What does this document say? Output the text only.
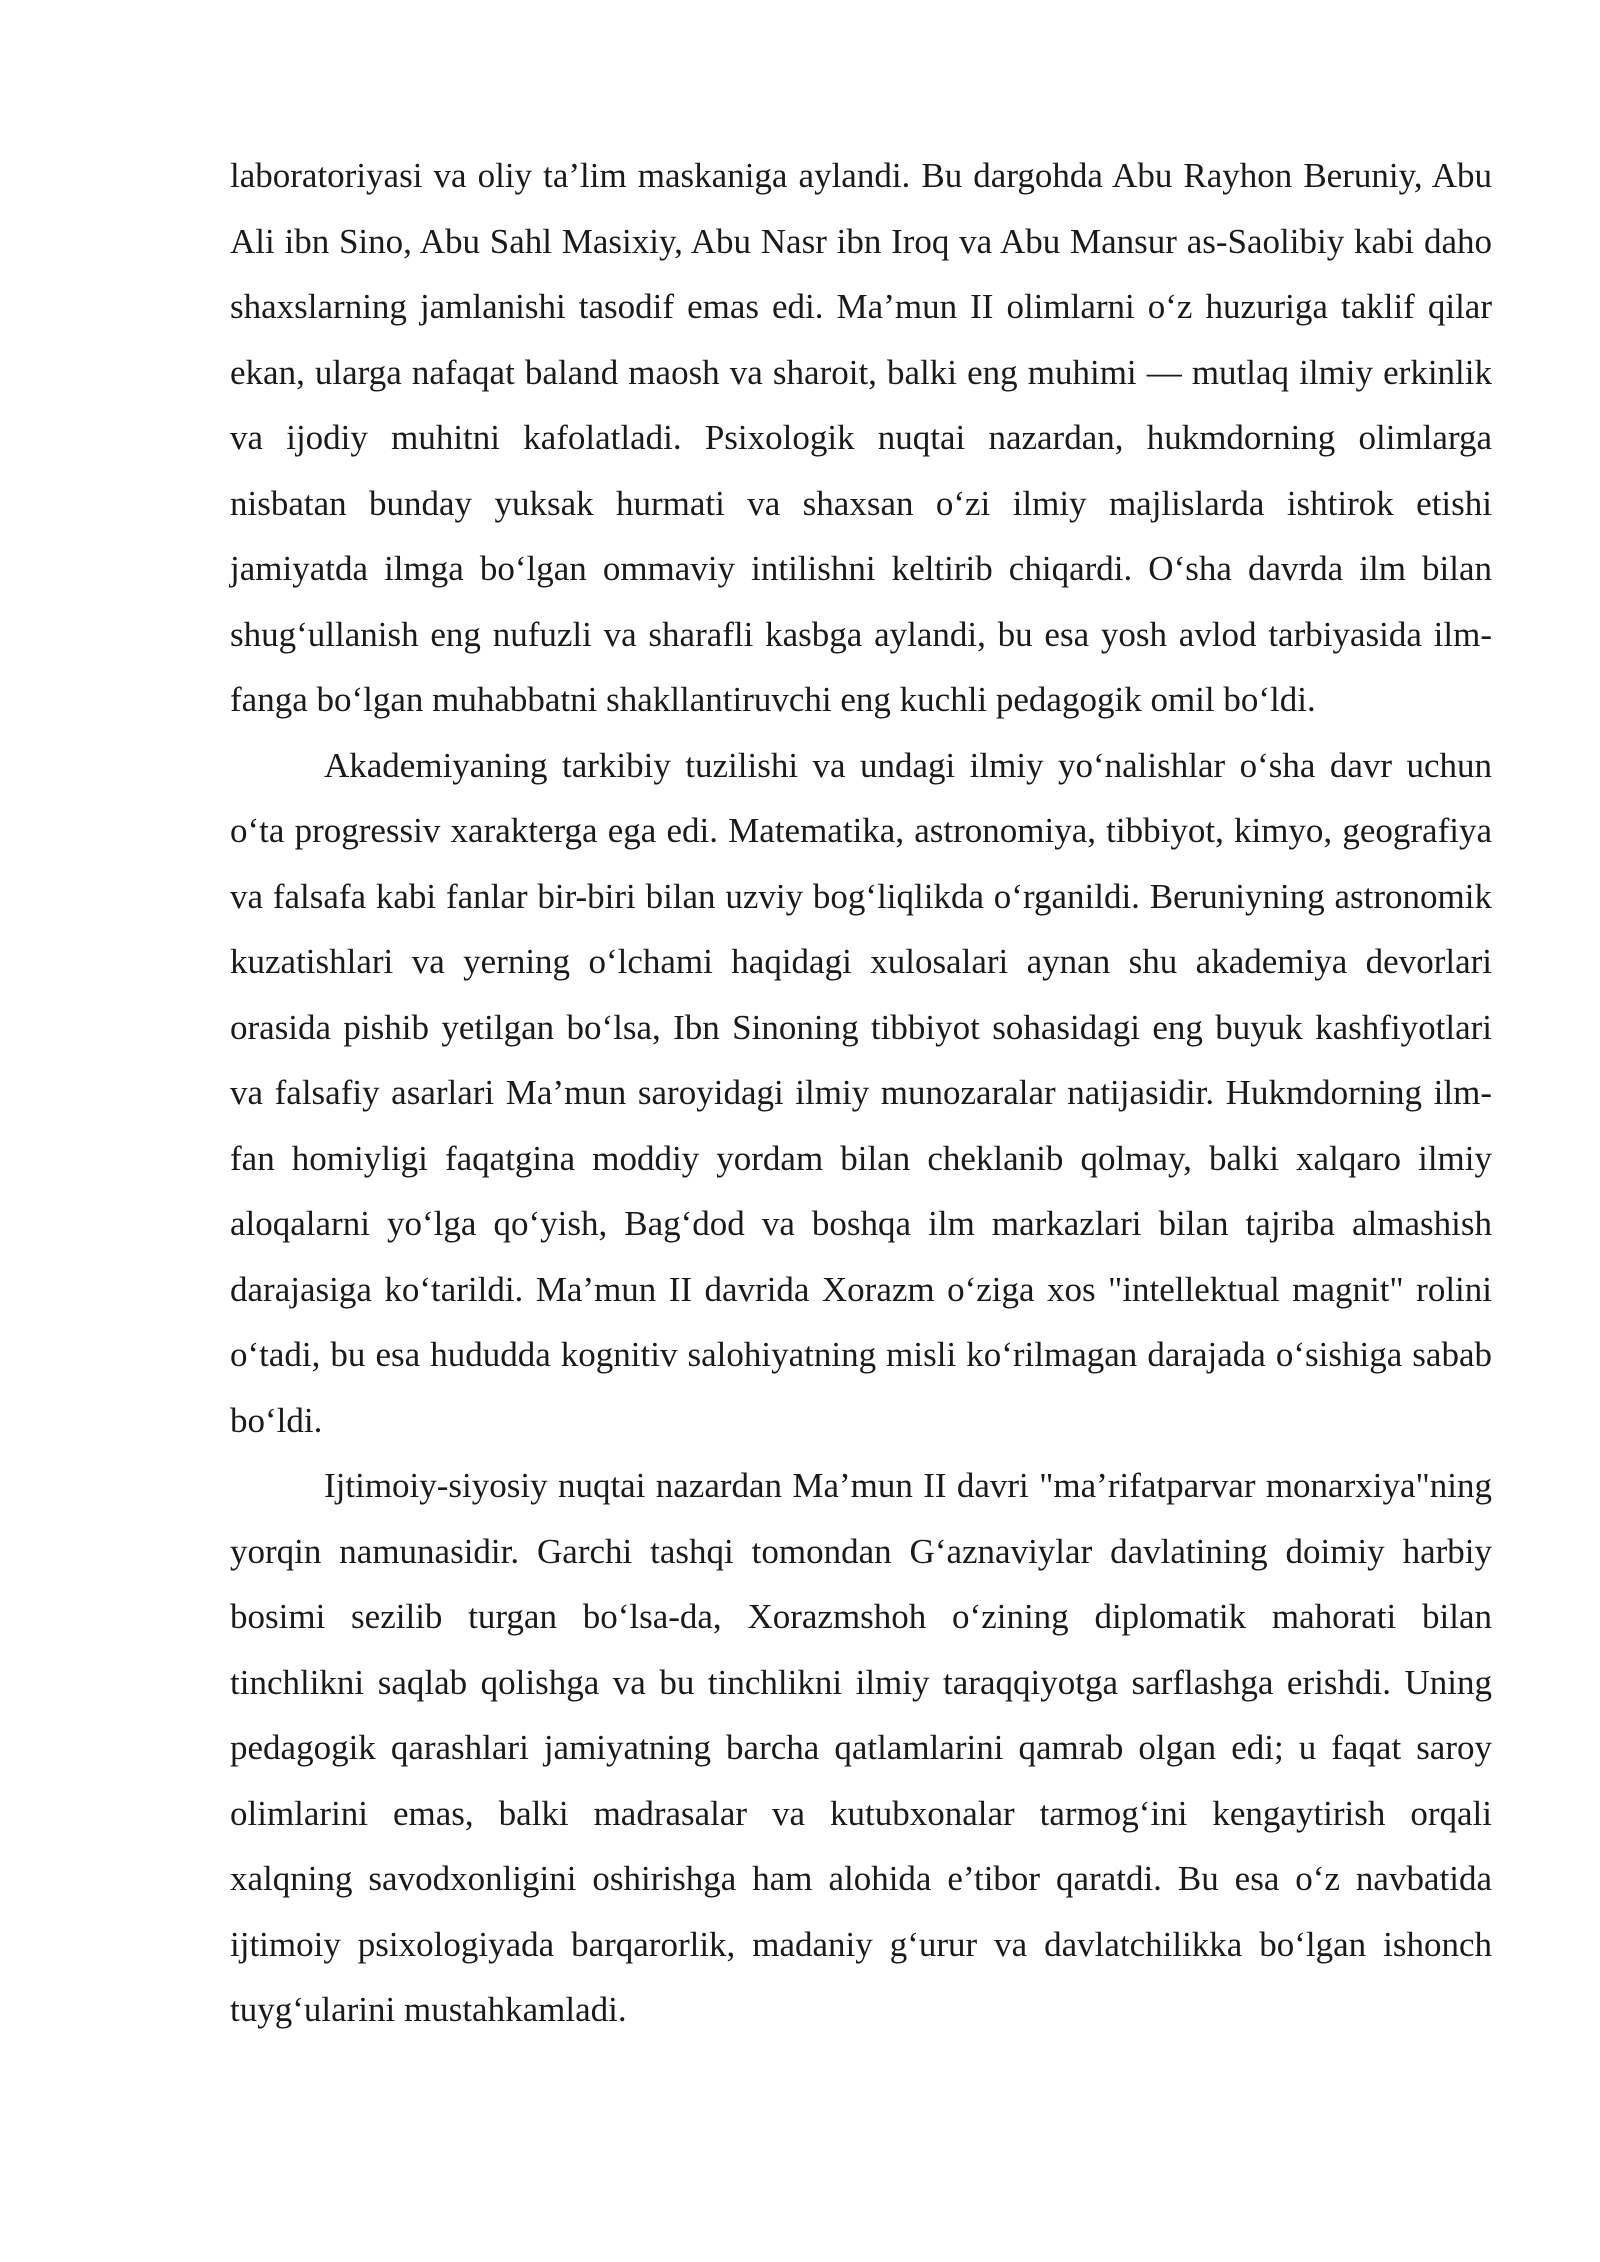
laboratoriyasi va oliy ta’lim maskaniga aylandi. Bu dargohda Abu Rayhon Beruniy, Abu Ali ibn Sino, Abu Sahl Masixiy, Abu Nasr ibn Iroq va Abu Mansur as-Saolibiy kabi daho shaxslarning jamlanishi tasodif emas edi. Ma’mun II olimlarni o‘z huzuriga taklif qilar ekan, ularga nafaqat baland maosh va sharoit, balki eng muhimi — mutlaq ilmiy erkinlik va ijodiy muhitni kafolatladi. Psixologik nuqtai nazardan, hukmdorning olimlarga nisbatan bunday yuksak hurmati va shaxsan o‘zi ilmiy majlislarda ishtirok etishi jamiyatda ilmga bo‘lgan ommaviy intilishni keltirib chiqardi. O‘sha davrda ilm bilan shug‘ullanish eng nufuzli va sharafli kasbga aylandi, bu esa yosh avlod tarbiyasida ilm-fanga bo‘lgan muhabbatni shakllantiruvchi eng kuchli pedagogik omil bo‘ldi.

Akademiyaning tarkibiy tuzilishi va undagi ilmiy yo‘nalishlar o‘sha davr uchun o‘ta progressiv xarakterga ega edi. Matematika, astronomiya, tibbiyot, kimyo, geografiya va falsafa kabi fanlar bir-biri bilan uzviy bog‘liqlikda o‘rganildi. Beruniyning astronomik kuzatishlari va yerning o‘lchami haqidagi xulosalari aynan shu akademiya devorlari orasida pishib yetilgan bo‘lsa, Ibn Sinoning tibbiyot sohasidagi eng buyuk kashfiyotlari va falsafiy asarlari Ma’mun saroyidagi ilmiy munozaralar natijasidir. Hukmdorning ilm-fan homiyligi faqatgina moddiy yordam bilan cheklanib qolmay, balki xalqaro ilmiy aloqalarni yo‘lga qo‘yish, Bag‘dod va boshqa ilm markazlari bilan tajriba almashish darajasiga ko‘tarildi. Ma’mun II davrida Xorazm o‘ziga xos "intellektual magnit" rolini o‘tadi, bu esa hududda kognitiv salohiyatning misli ko‘rilmagan darajada o‘sishiga sabab bo‘ldi.

Ijtimoiy-siyosiy nuqtai nazardan Ma’mun II davri "ma’rifatparvar monarxiya"ning yorqin namunasidir. Garchi tashqi tomondan G‘aznaviylar davlatining doimiy harbiy bosimi sezilib turgan bo‘lsa-da, Xorazmshoh o‘zining diplomatik mahorati bilan tinchlikni saqlab qolishga va bu tinchlikni ilmiy taraqqiyotga sarflashga erishdi. Uning pedagogik qarashlari jamiyatning barcha qatlamlarini qamrab olgan edi; u faqat saroy olimlarini emas, balki madrasalar va kutubxonalar tarmog‘ini kengaytirish orqali xalqning savodxonligini oshirishga ham alohida e’tibor qaratdi. Bu esa o‘z navbatida ijtimoiy psixologiyada barqarorlik, madaniy g‘urur va davlatchilikka bo‘lgan ishonch tuyg‘ularini mustahkamladi.
